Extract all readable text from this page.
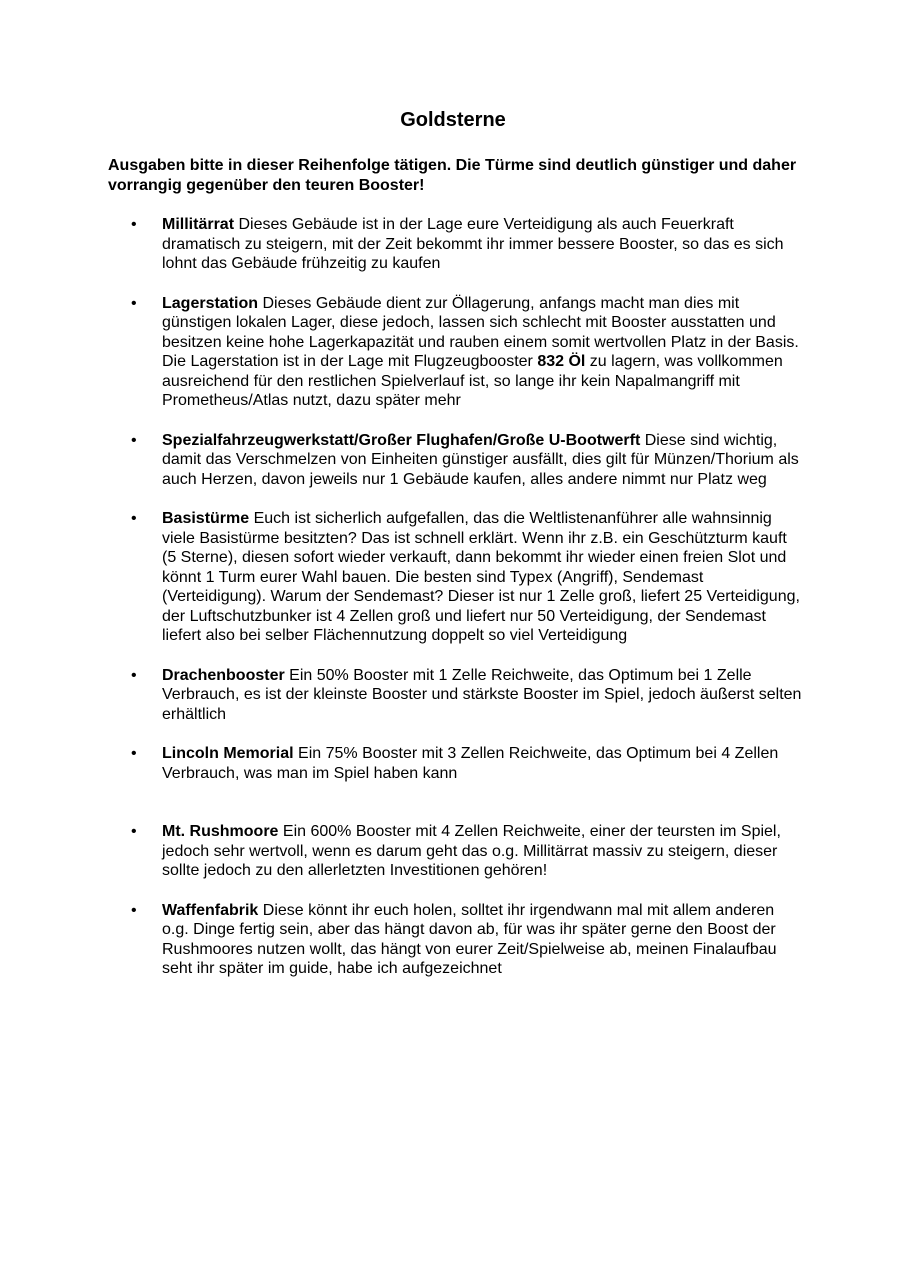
Goldsterne

Ausgaben bitte in dieser Reihenfolge tätigen. Die Türme sind deutlich günstiger und daher vorrangig gegenüber den teuren Booster!

•	Millitärrat Dieses Gebäude ist in der Lage eure Verteidigung als auch Feuerkraft dramatisch zu steigern, mit der Zeit bekommt ihr immer bessere Booster, so das es sich lohnt das Gebäude frühzeitig zu kaufen
•	Lagerstation Dieses Gebäude dient zur Öllagerung, anfangs macht man dies mit günstigen lokalen Lager, diese jedoch, lassen sich schlecht mit Booster ausstatten und besitzen keine hohe Lagerkapazität und rauben einem somit wertvollen Platz in der Basis. Die Lagerstation ist in der Lage mit Flugzeugbooster 832 Öl zu lagern, was vollkommen ausreichend für den restlichen Spielverlauf ist, so lange ihr kein Napalmangriff mit Prometheus/Atlas nutzt, dazu später mehr
•	Spezialfahrzeugwerkstatt/Großer Flughafen/Große U-Bootwerft Diese sind wichtig, damit das Verschmelzen von Einheiten günstiger ausfällt, dies gilt für Münzen/Thorium als auch Herzen, davon jeweils nur 1 Gebäude kaufen, alles andere nimmt nur Platz weg
•	Basistürme Euch ist sicherlich aufgefallen, das die Weltlistenanführer alle wahnsinnig viele Basistürme besitzten? Das ist schnell erklärt. Wenn ihr z.B. ein Geschützturm kauft (5 Sterne), diesen sofort wieder verkauft, dann bekommt ihr wieder einen freien Slot und könnt 1 Turm eurer Wahl bauen. Die besten sind Typex (Angriff), Sendemast (Verteidigung). Warum der Sendemast? Dieser ist nur 1 Zelle groß, liefert 25 Verteidigung, der Luftschutzbunker ist 4 Zellen groß und liefert nur 50 Verteidigung, der Sendemast liefert also bei selber Flächennutzung doppelt so viel Verteidigung
•	Drachenbooster Ein 50% Booster mit 1 Zelle Reichweite, das Optimum bei 1 Zelle Verbrauch, es ist der kleinste Booster und stärkste Booster im Spiel, jedoch äußerst selten erhältlich
•	Lincoln Memorial Ein 75% Booster mit 3 Zellen Reichweite, das Optimum bei 4 Zellen Verbrauch, was man im Spiel haben kann
•	Mt. Rushmoore Ein 600% Booster mit 4 Zellen Reichweite, einer der teursten im Spiel, jedoch sehr wertvoll, wenn es darum geht das o.g. Millitärrat massiv zu steigern, dieser sollte jedoch zu den allerletzten Investitionen gehören!
•	Waffenfabrik Diese könnt ihr euch holen, solltet ihr irgendwann mal mit allem anderen o.g. Dinge fertig sein, aber das hängt davon ab, für was ihr später gerne den Boost der Rushmoores nutzen wollt, das hängt von eurer Zeit/Spielweise ab, meinen Finalaufbau seht ihr später im guide, habe ich aufgezeichnet
